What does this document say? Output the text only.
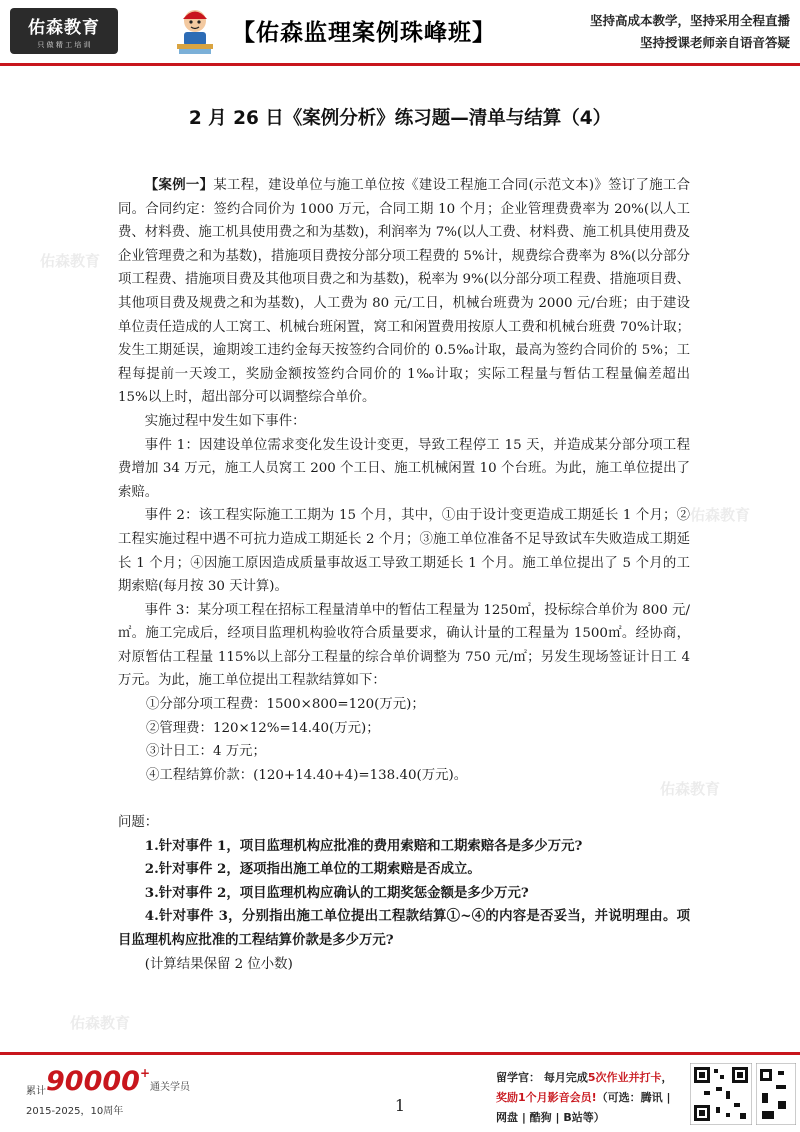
佑森教育
只 做 精 工 培 训	【佑森监理案例珠峰班】	坚持高成本教学，坚持采用全程直播
坚持授课老师亲自语音答疑
佑森教育
佑森教育
佑森教育
佑森教育
2 月 26 日《案例分析》练习题—清单与结算（4）

【案例一】某工程，建设单位与施工单位按《建设工程施工合同(示范文本)》签订了施工合同。合同约定：签约合同价为 1000 万元，合同工期 10 个月；企业管理费费率为 20%(以人工费、材料费、施工机具使用费之和为基数)，利润率为 7%(以人工费、材料费、施工机具使用费及企业管理费之和为基数)，措施项目费按分部分项工程费的 5%计，规费综合费率为 8%(以分部分项工程费、措施项目费及其他项目费之和为基数)，税率为 9%(以分部分项工程费、措施项目费、其他项目费及规费之和为基数)，人工费为 80 元/工日，机械台班费为 2000 元/台班；由于建设单位责任造成的人工窝工、机械台班闲置，窝工和闲置费用按原人工费和机械台班费 70%计取；发生工期延误，逾期竣工违约金每天按签约合同价的 0.5‰计取，最高为签约合同价的 5%；工程每提前一天竣工，奖励金额按签约合同价的 1‰计取；实际工程量与暂估工程量偏差超出 15%以上时，超出部分可以调整综合单价。

实施过程中发生如下事件：

事件 1：因建设单位需求变化发生设计变更，导致工程停工 15 天，并造成某分部分项工程费增加 34 万元，施工人员窝工 200 个工日、施工机械闲置 10 个台班。为此，施工单位提出了索赔。

事件 2：该工程实际施工工期为 15 个月，其中，①由于设计变更造成工期延长 1 个月；②工程实施过程中遇不可抗力造成工期延长 2 个月；③施工单位准备不足导致试车失败造成工期延长 1 个月；④因施工原因造成质量事故返工导致工期延长 1 个月。施工单位提出了 5 个月的工期索赔(每月按 30 天计算)。

事件 3：某分项工程在招标工程量清单中的暂估工程量为 1250㎡，投标综合单价为 800 元/㎡。施工完成后，经项目监理机构验收符合质量要求，确认计量的工程量为 1500㎡。经协商，对原暂估工程量 115%以上部分工程量的综合单价调整为 750 元/㎡；另发生现场签证计日工 4 万元。为此，施工单位提出工程款结算如下：

①分部分项工程费：1500×800=120(万元)；

②管理费：120×12%=14.40(万元)；

③计日工：4 万元；

④工程结算价款：(120+14.40+4)=138.40(万元)。

问题：

1.针对事件 1，项目监理机构应批准的费用索赔和工期索赔各是多少万元?

2.针对事件 2，逐项指出施工单位的工期索赔是否成立。

3.针对事件 2，项目监理机构应确认的工期奖惩金额是多少万元?

4.针对事件 3，分别指出施工单位提出工程款结算①~④的内容是否妥当，并说明理由。项目监理机构应批准的工程结算价款是多少万元?

(计算结果保留 2 位小数)

累计90000+通关学员
2015-2025，10周年	1
留学官： 每月完成5次作业并打卡，
奖励1个月影音会员!（可选：腾讯 |
网盘 | 酷狗 | B站等）
